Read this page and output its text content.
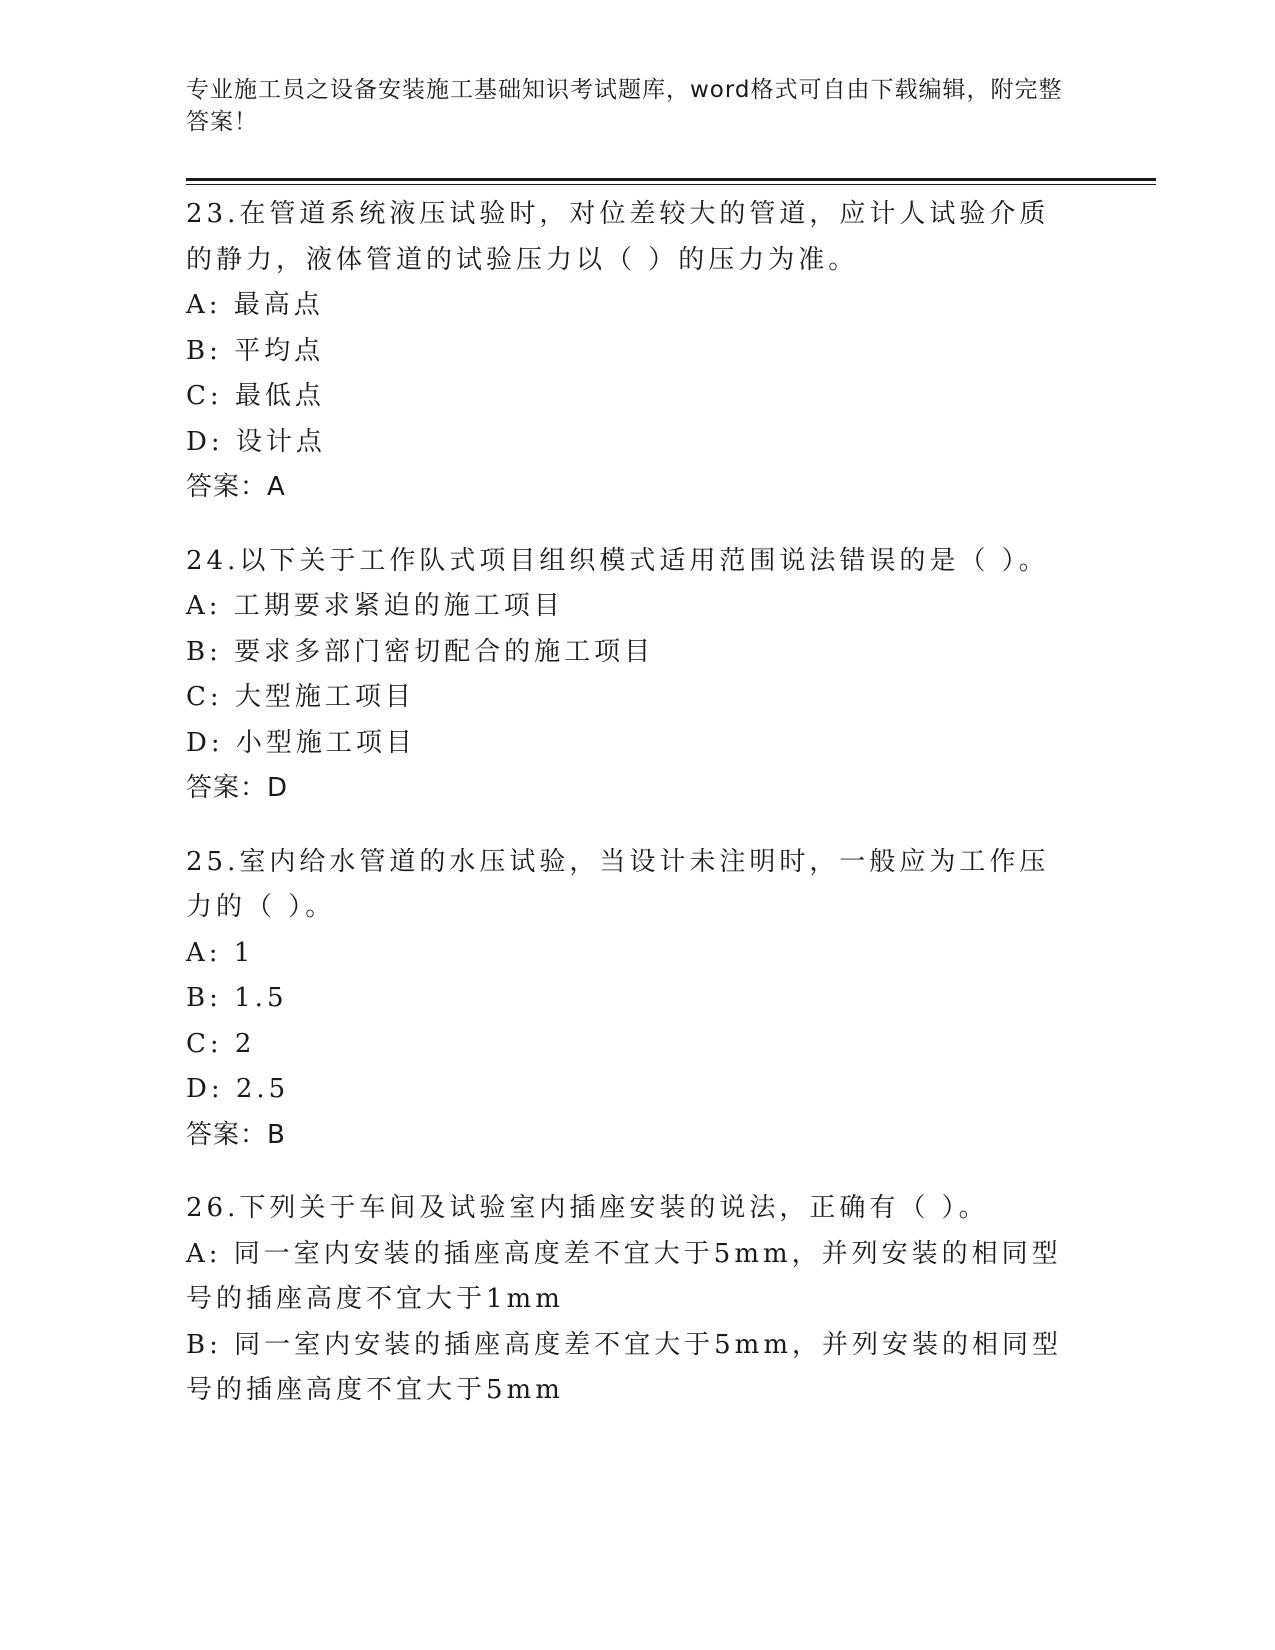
专业施工员之设备安装施工基础知识考试题库，word格式可自由下载编辑，附完整答案！

23.在管道系统液压试验时，对位差较大的管道，应计人试验介质的静力，液体管道的试验压力以（ ）的压力为准。

A: 最高点

B: 平均点

C: 最低点

D: 设计点

答案：A

24.以下关于工作队式项目组织模式适用范围说法错误的是（ ）。

A: 工期要求紧迫的施工项目

B: 要求多部门密切配合的施工项目

C: 大型施工项目

D: 小型施工项目

答案：D

25.室内给水管道的水压试验，当设计未注明时，一般应为工作压力的（ ）。

A: 1

B: 1.5

C: 2

D: 2.5

答案：B

26.下列关于车间及试验室内插座安装的说法，正确有（ ）。

A: 同一室内安装的插座高度差不宜大于5mm，并列安装的相同型号的插座高度不宜大于1mm

B: 同一室内安装的插座高度差不宜大于5mm，并列安装的相同型号的插座高度不宜大于5mm
